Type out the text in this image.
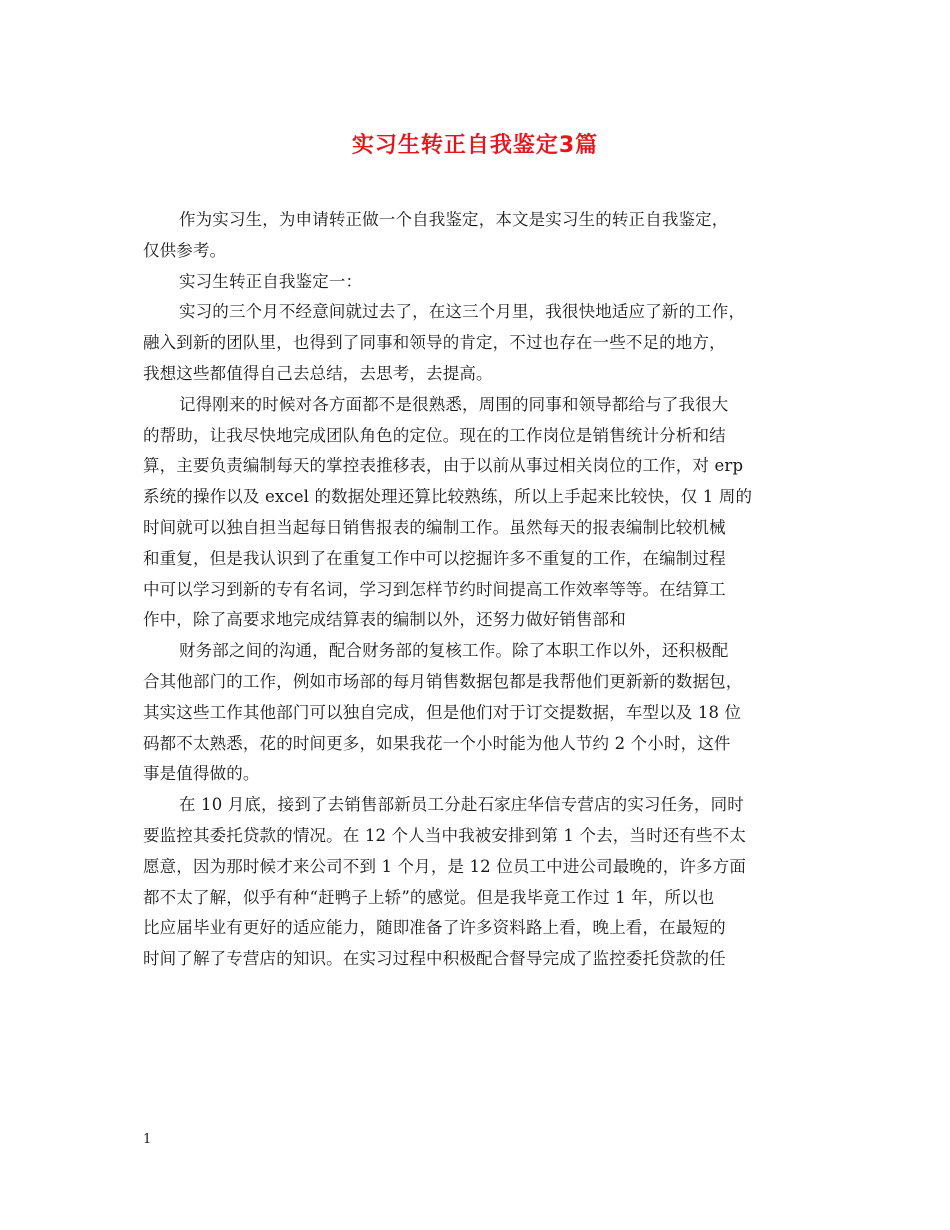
实习生转正自我鉴定3篇
作为实习生，为申请转正做一个自我鉴定，本文是实习生的转正自我鉴定，
仅供参考。
实习生转正自我鉴定一：
实习的三个月不经意间就过去了，在这三个月里，我很快地适应了新的工作，
融入到新的团队里，也得到了同事和领导的肯定，不过也存在一些不足的地方，
我想这些都值得自己去总结，去思考，去提高。
记得刚来的时候对各方面都不是很熟悉，周围的同事和领导都给与了我很大
的帮助，让我尽快地完成团队角色的定位。现在的工作岗位是销售统计分析和结
算，主要负责编制每天的掌控表推移表，由于以前从事过相关岗位的工作，对 erp
系统的操作以及 excel 的数据处理还算比较熟练，所以上手起来比较快，仅 1 周的
时间就可以独自担当起每日销售报表的编制工作。虽然每天的报表编制比较机械
和重复，但是我认识到了在重复工作中可以挖掘许多不重复的工作，在编制过程
中可以学习到新的专有名词，学习到怎样节约时间提高工作效率等等。在结算工
作中，除了高要求地完成结算表的编制以外，还努力做好销售部和
财务部之间的沟通，配合财务部的复核工作。除了本职工作以外，还积极配
合其他部门的工作，例如市场部的每月销售数据包都是我帮他们更新新的数据包，
其实这些工作其他部门可以独自完成，但是他们对于订交提数据，车型以及 18 位
码都不太熟悉，花的时间更多，如果我花一个小时能为他人节约 2 个小时，这件
事是值得做的。
在 10 月底，接到了去销售部新员工分赴石家庄华信专营店的实习任务，同时
要监控其委托贷款的情况。在 12 个人当中我被安排到第 1 个去，当时还有些不太
愿意，因为那时候才来公司不到 1 个月，是 12 位员工中进公司最晚的，许多方面
都不太了解，似乎有种“赶鸭子上轿”的感觉。但是我毕竟工作过 1 年，所以也
比应届毕业有更好的适应能力，随即准备了许多资料路上看，晚上看，在最短的
时间了解了专营店的知识。在实习过程中积极配合督导完成了监控委托贷款的任
1
